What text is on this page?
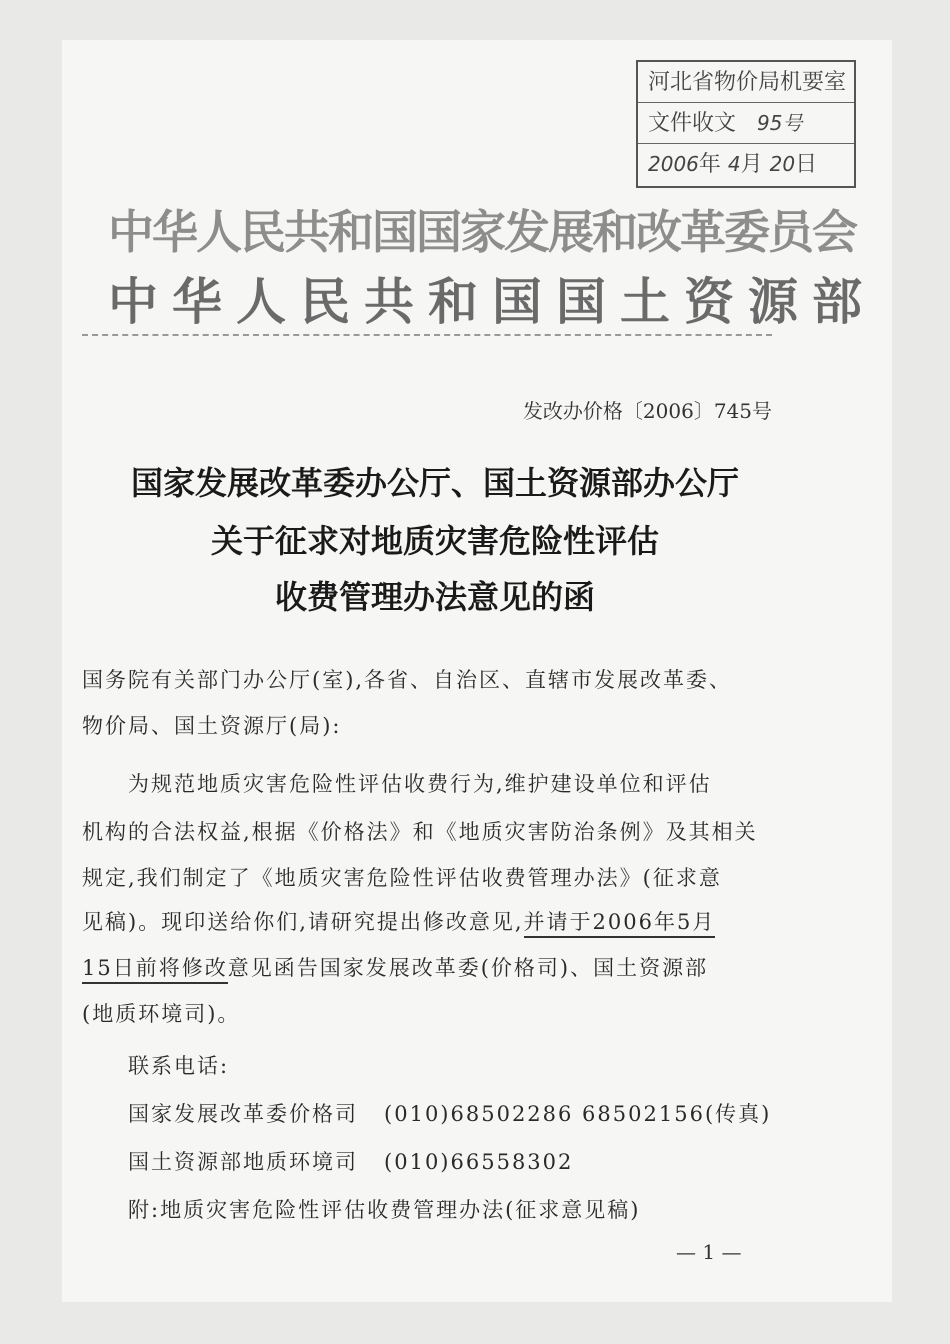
河北省物价局机要室
文件收文 95号
2006年 4月 20日
中华人民共和国国家发展和改革委员会
中华人民共和国国土资源部
发改办价格〔2006〕745号
国家发展改革委办公厅、国土资源部办公厅
关于征求对地质灾害危险性评估
收费管理办法意见的函
国务院有关部门办公厅(室),各省、自治区、直辖市发展改革委、
物价局、国土资源厅(局):
为规范地质灾害危险性评估收费行为,维护建设单位和评估
机构的合法权益,根据《价格法》和《地质灾害防治条例》及其相关
规定,我们制定了《地质灾害危险性评估收费管理办法》(征求意
见稿)。现印送给你们,请研究提出修改意见,并请于2006年5月
15日前将修改意见函告国家发展改革委(价格司)、国土资源部
(地质环境司)。
联系电话:
国家发展改革委价格司 (010)68502286 68502156(传真)
国土资源部地质环境司 (010)66558302
附:地质灾害危险性评估收费管理办法(征求意见稿)
— 1 —
